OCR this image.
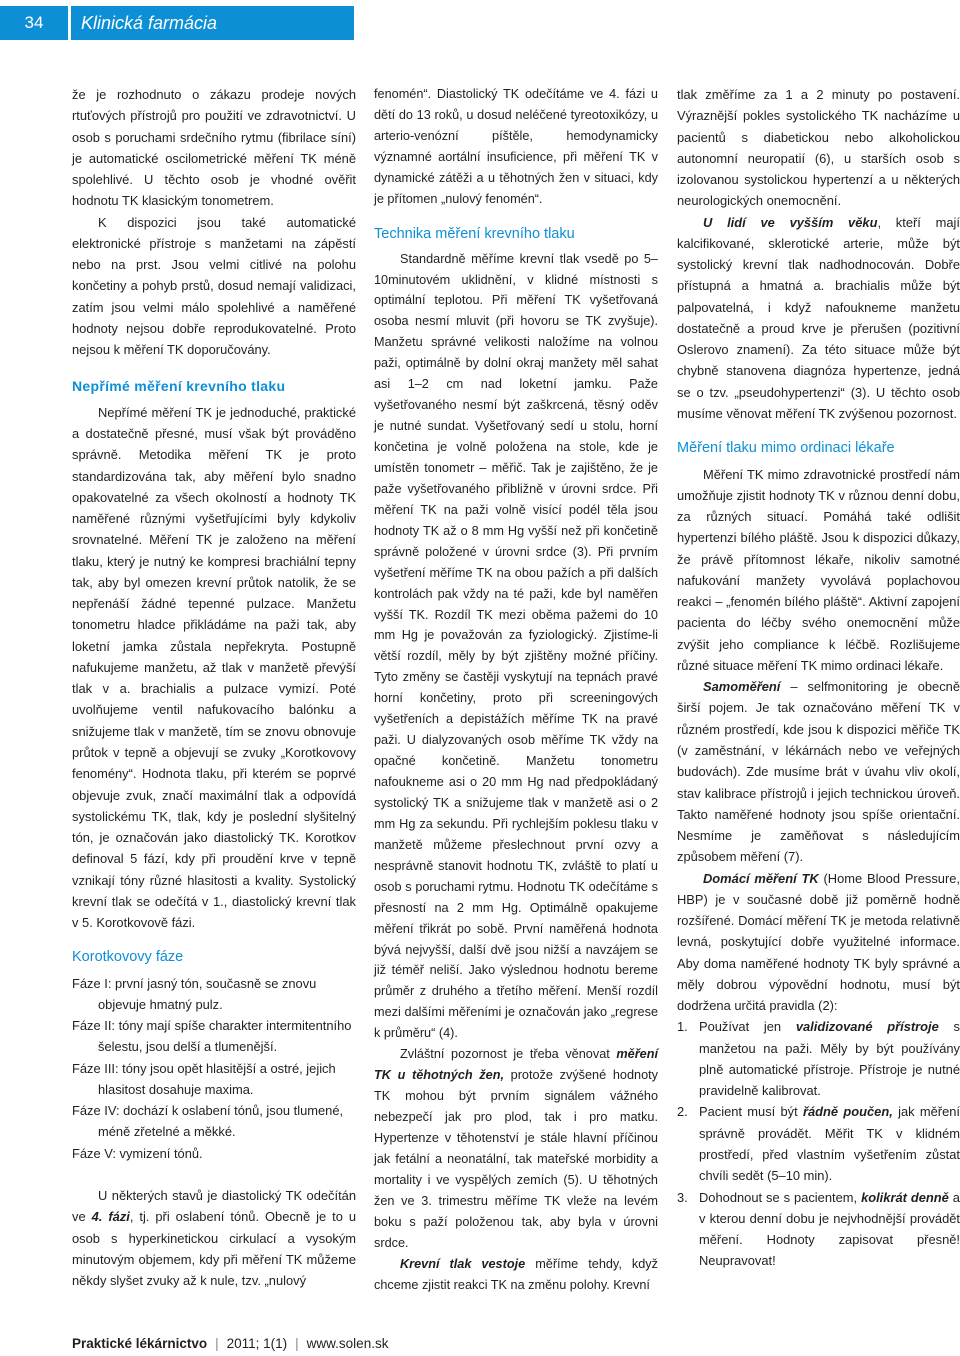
34	Klinická farmácia
že je rozhodnuto o zákazu prodeje nových rtuťových přístrojů pro použití ve zdravotnictví. U osob s poruchami srdečního rytmu (fibrilace síní) je automatické oscilometrické měření TK méně spolehlivé. U těchto osob je vhodné ověřit hodnotu TK klasickým tonometrem.
K dispozici jsou také automatické elektronické přístroje s manžetami na zápěstí nebo na prst. Jsou velmi citlivé na polohu končetiny a pohyb prstů, dosud nemají validizaci, zatím jsou velmi málo spolehlivé a naměřené hodnoty nejsou dobře reprodukovatelné. Proto nejsou k měření TK doporučovány.
Nepřímé měření krevního tlaku
Nepřímé měření TK je jednoduché, praktické a dostatečně přesné, musí však být prováděno správně. Metodika měření TK je proto standardizována tak, aby měření bylo snadno opakovatelné za všech okolností a hodnoty TK naměřené různými vyšetřujícími byly kdykoliv srovnatelné. Měření TK je založeno na měření tlaku, který je nutný ke kompresi brachiální tepny tak, aby byl omezen krevní průtok natolik, že se nepřenáší žádné tepenné pulzace. Manžetu tonometru hladce přikládáme na paži tak, aby loketní jamka zůstala nepřekryta. Postupně nafukujeme manžetu, až tlak v manžetě převýší tlak v a. brachialis a pulzace vymizí. Poté uvolňujeme ventil nafukovacího balónku a snižujeme tlak v manžetě, tím se znovu obnovuje průtok v tepně a objevují se zvuky „Korotkovovy fenomény“. Hodnota tlaku, při kterém se poprvé objevuje zvuk, značí maximální tlak a odpovídá systolickému TK, tlak, kdy je poslední slyšitelný tón, je označován jako diastolický TK. Korotkov definoval 5 fází, kdy při proudění krve v tepně vznikají tóny různé hlasitosti a kvality. Systolický krevní tlak se odečítá v 1., diastolický krevní tlak v 5. Korotkovově fázi.
Korotkovovy fáze
Fáze I: první jasný tón, současně se znovu objevuje hmatný pulz.
Fáze II: tóny mají spíše charakter intermitentního šelestu, jsou delší a tlumenější.
Fáze III: tóny jsou opět hlasitější a ostré, jejich hlasitost dosahuje maxima.
Fáze IV: dochází k oslabení tónů, jsou tlumené, méně zřetelné a měkké.
Fáze V: vymizení tónů.
U některých stavů je diastolický TK odečítán ve 4. fázi, tj. při oslabení tónů. Obecně je to u osob s hyperkinetickou cirkulací a vysokým minutovým objemem, kdy při měření TK můžeme někdy slyšet zvuky až k nule, tzv. „nulový
fenomén“. Diastolický TK odečítáme ve 4. fázi u dětí do 13 roků, u dosud neléčené tyreotoxikózy, u arterio-venózní píštěle, hemodynamicky významné aortální insuficience, při měření TK v dynamické zátěži a u těhotných žen v situaci, kdy je přítomen „nulový fenomén“.
Technika měření krevního tlaku
Standardně měříme krevní tlak vsedě po 5–10minutovém uklidnění, v klidné místnosti s optimální teplotou. Při měření TK vyšetřovaná osoba nesmí mluvit (při hovoru se TK zvyšuje). Manžetu správné velikosti naložíme na volnou paži, optimálně by dolní okraj manžety měl sahat asi 1–2 cm nad loketní jamku. Paže vyšetřovaného nesmí být zaškrcená, těsný oděv je nutné sundat. Vyšetřovaný sedí u stolu, horní končetina je volně položena na stole, kde je umístěn tonometr – měřič. Tak je zajištěno, že je paže vyšetřovaného přibližně v úrovni srdce. Při měření TK na paži volně visící podél těla jsou hodnoty TK až o 8 mm Hg vyšší než při končetině správně položené v úrovni srdce (3). Při prvním vyšetření měříme TK na obou pažích a při dalších kontrolách pak vždy na té paži, kde byl naměřen vyšší TK. Rozdíl TK mezi oběma pažemi do 10 mm Hg je považován za fyziologický. Zjistíme-li větší rozdíl, měly by být zjištěny možné příčiny. Tyto změny se častěji vyskytují na tepnách pravé horní končetiny, proto při screeningových vyšetřeních a depistážích měříme TK na pravé paži. U dialyzovaných osob měříme TK vždy na opačné končetině. Manžetu tonometru nafoukneme asi o 20 mm Hg nad předpokládaný systolický TK a snižujeme tlak v manžetě asi o 2 mm Hg za sekundu. Při rychlejším poklesu tlaku v manžetě můžeme přeslechnout první ozvy a nesprávně stanovit hodnotu TK, zvláště to platí u osob s poruchami rytmu. Hodnotu TK odečítáme s přesností na 2 mm Hg. Optimálně opakujeme měření třikrát po sobě. První naměřená hodnota bývá nejvyšší, další dvě jsou nižší a navzájem se již téměř neliší. Jako výslednou hodnotu bereme průměr z druhého a třetího měření. Menší rozdíl mezi dalšími měřeními je označován jako „regrese k průměru“ (4).
Zvláštní pozornost je třeba věnovat měření TK u těhotných žen, protože zvýšené hodnoty TK mohou být prvním signálem vážného nebezpečí jak pro plod, tak i pro matku. Hypertenze v těhotenství je stále hlavní příčinou jak fetální a neonatální, tak mateřské morbidity a mortality i ve vyspělých zemích (5). U těhotných žen ve 3. trimestru měříme TK vleže na levém boku s paží položenou tak, aby byla v úrovni srdce.
Krevní tlak vestoje měříme tehdy, když chceme zjistit reakci TK na změnu polohy. Krevní
tlak změříme za 1 a 2 minuty po postavení. Výraznější pokles systolického TK nacházíme u pacientů s diabetickou nebo alkoholickou autonomní neuropatií (6), u starších osob s izolovanou systolickou hypertenzí a u některých neurologických onemocnění.
U lidí ve vyšším věku, kteří mají kalcifikované, sklerotické arterie, může být systolický krevní tlak nadhodnocován. Dobře přístupná a hmatná a. brachialis může být palpovatelná, i když nafoukneme manžetu dostatečně a proud krve je přerušen (pozitivní Oslerovo znamení). Za této situace může být chybně stanovena diagnóza hypertenze, jedná se o tzv. „pseudohypertenzi“ (3). U těchto osob musíme věnovat měření TK zvýšenou pozornost.
Měření tlaku mimo ordinaci lékaře
Měření TK mimo zdravotnické prostředí nám umožňuje zjistit hodnoty TK v různou denní dobu, za různých situací. Pomáhá také odlišit hypertenzi bílého pláště. Jsou k dispozici důkazy, že právě přítomnost lékaře, nikoliv samotné nafukování manžety vyvolává poplachovou reakci – „fenomén bílého pláště“. Aktivní zapojení pacienta do léčby svého onemocnění může zvýšit jeho compliance k léčbě. Rozlišujeme různé situace měření TK mimo ordinaci lékaře.
Samoměření – selfmonitoring je obecně širší pojem. Je tak označováno měření TK v různém prostředí, kde jsou k dispozici měřiče TK (v zaměstnání, v lékárnách nebo ve veřejných budovách). Zde musíme brát v úvahu vliv okolí, stav kalibrace přístrojů i jejich technickou úroveň. Takto naměřené hodnoty jsou spíše orientační. Nesmíme je zaměňovat s následujícím způsobem měření (7).
Domácí měření TK (Home Blood Pressure, HBP) je v současné době již poměrně hodně rozšířené. Domácí měření TK je metoda relativně levná, poskytující dobře využitelné informace. Aby doma naměřené hodnoty TK byly správné a měly dobrou výpovědní hodnotu, musí být dodržena určitá pravidla (2):
1. Používat jen validizované přístroje s manžetou na paži. Měly by být používány plně automatické přístroje. Přístroje je nutné pravidelně kalibrovat.
2. Pacient musí být řádně poučen, jak měření správně provádět. Měřit TK v klidném prostředí, před vlastním vyšetřením zůstat chvíli sedět (5–10 min).
3. Dohodnout se s pacientem, kolikrát denně a v kterou denní dobu je nejvhodnější provádět měření. Hodnoty zapisovat přesně! Neupravovat!
Praktické lékárnictvo | 2011; 1(1) | www.solen.sk
